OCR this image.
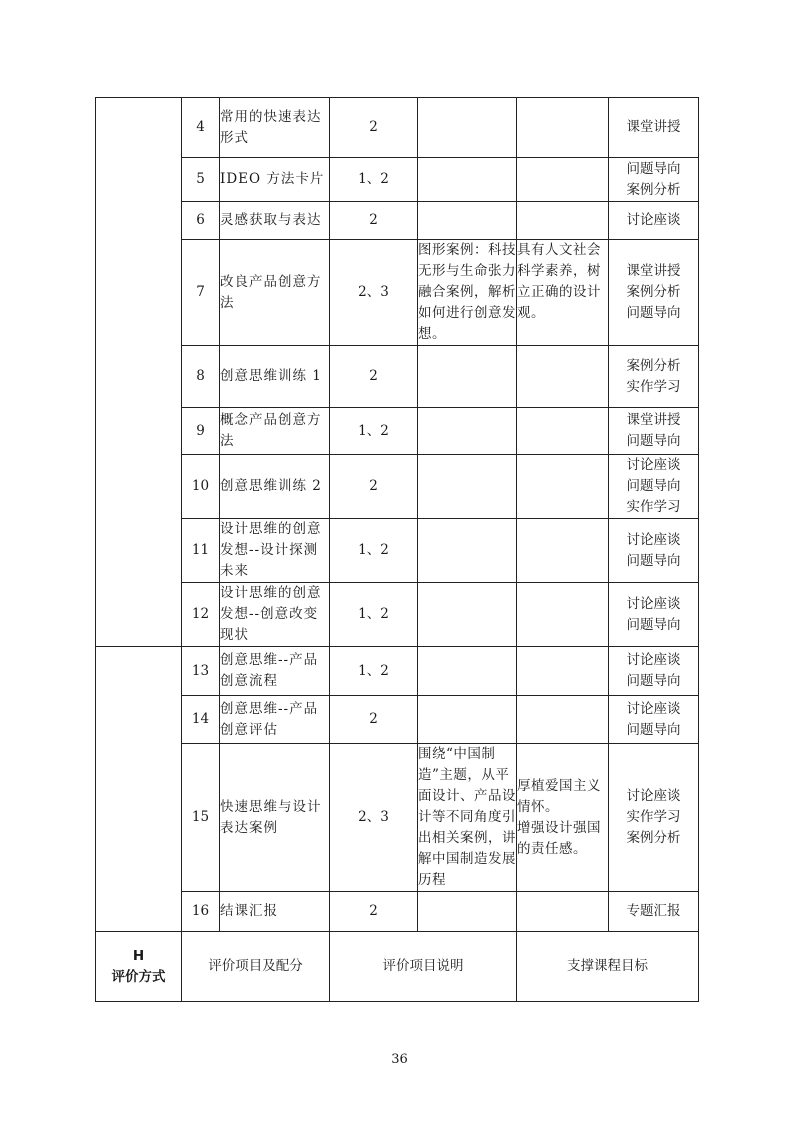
	4	常用的快速表达形式	2			课堂讲授
	5	IDEO 方法卡片	1、2			问题导向
案例分析

	6	灵感获取与表达	2			讨论座谈
	7	改良产品创意方法	2、3	图形案例：科技无形与生命张力融合案例，解析如何进行创意发想。	具有人文社会科学素养，树立正确的设计观。	课堂讲授
案例分析
问题导向

	8	创意思维训练 1	2			案例分析
实作学习

	9	概念产品创意方法	1、2			课堂讲授
问题导向

	10	创意思维训练 2	2			讨论座谈
问题导向
实作学习

	11	设计思维的创意发想--设计探测未来	1、2			讨论座谈
问题导向

	12	设计思维的创意发想--创意改变现状	1、2			讨论座谈
问题导向

	13	创意思维--产品创意流程	1、2			讨论座谈
问题导向

	14	创意思维--产品创意评估	2			讨论座谈
问题导向

	15	快速思维与设计表达案例	2、3	围绕“中国制造”主题，从平面设计、产品设计等不同角度引出相关案例，讲解中国制造发展历程	厚植爱国主义情怀。
增强设计强国的责任感。	讨论座谈
实作学习
案例分析

	16	结课汇报	2			专题汇报

H
评价方式	评价项目及配分		评价项目说明		支撑课程目标	
36
